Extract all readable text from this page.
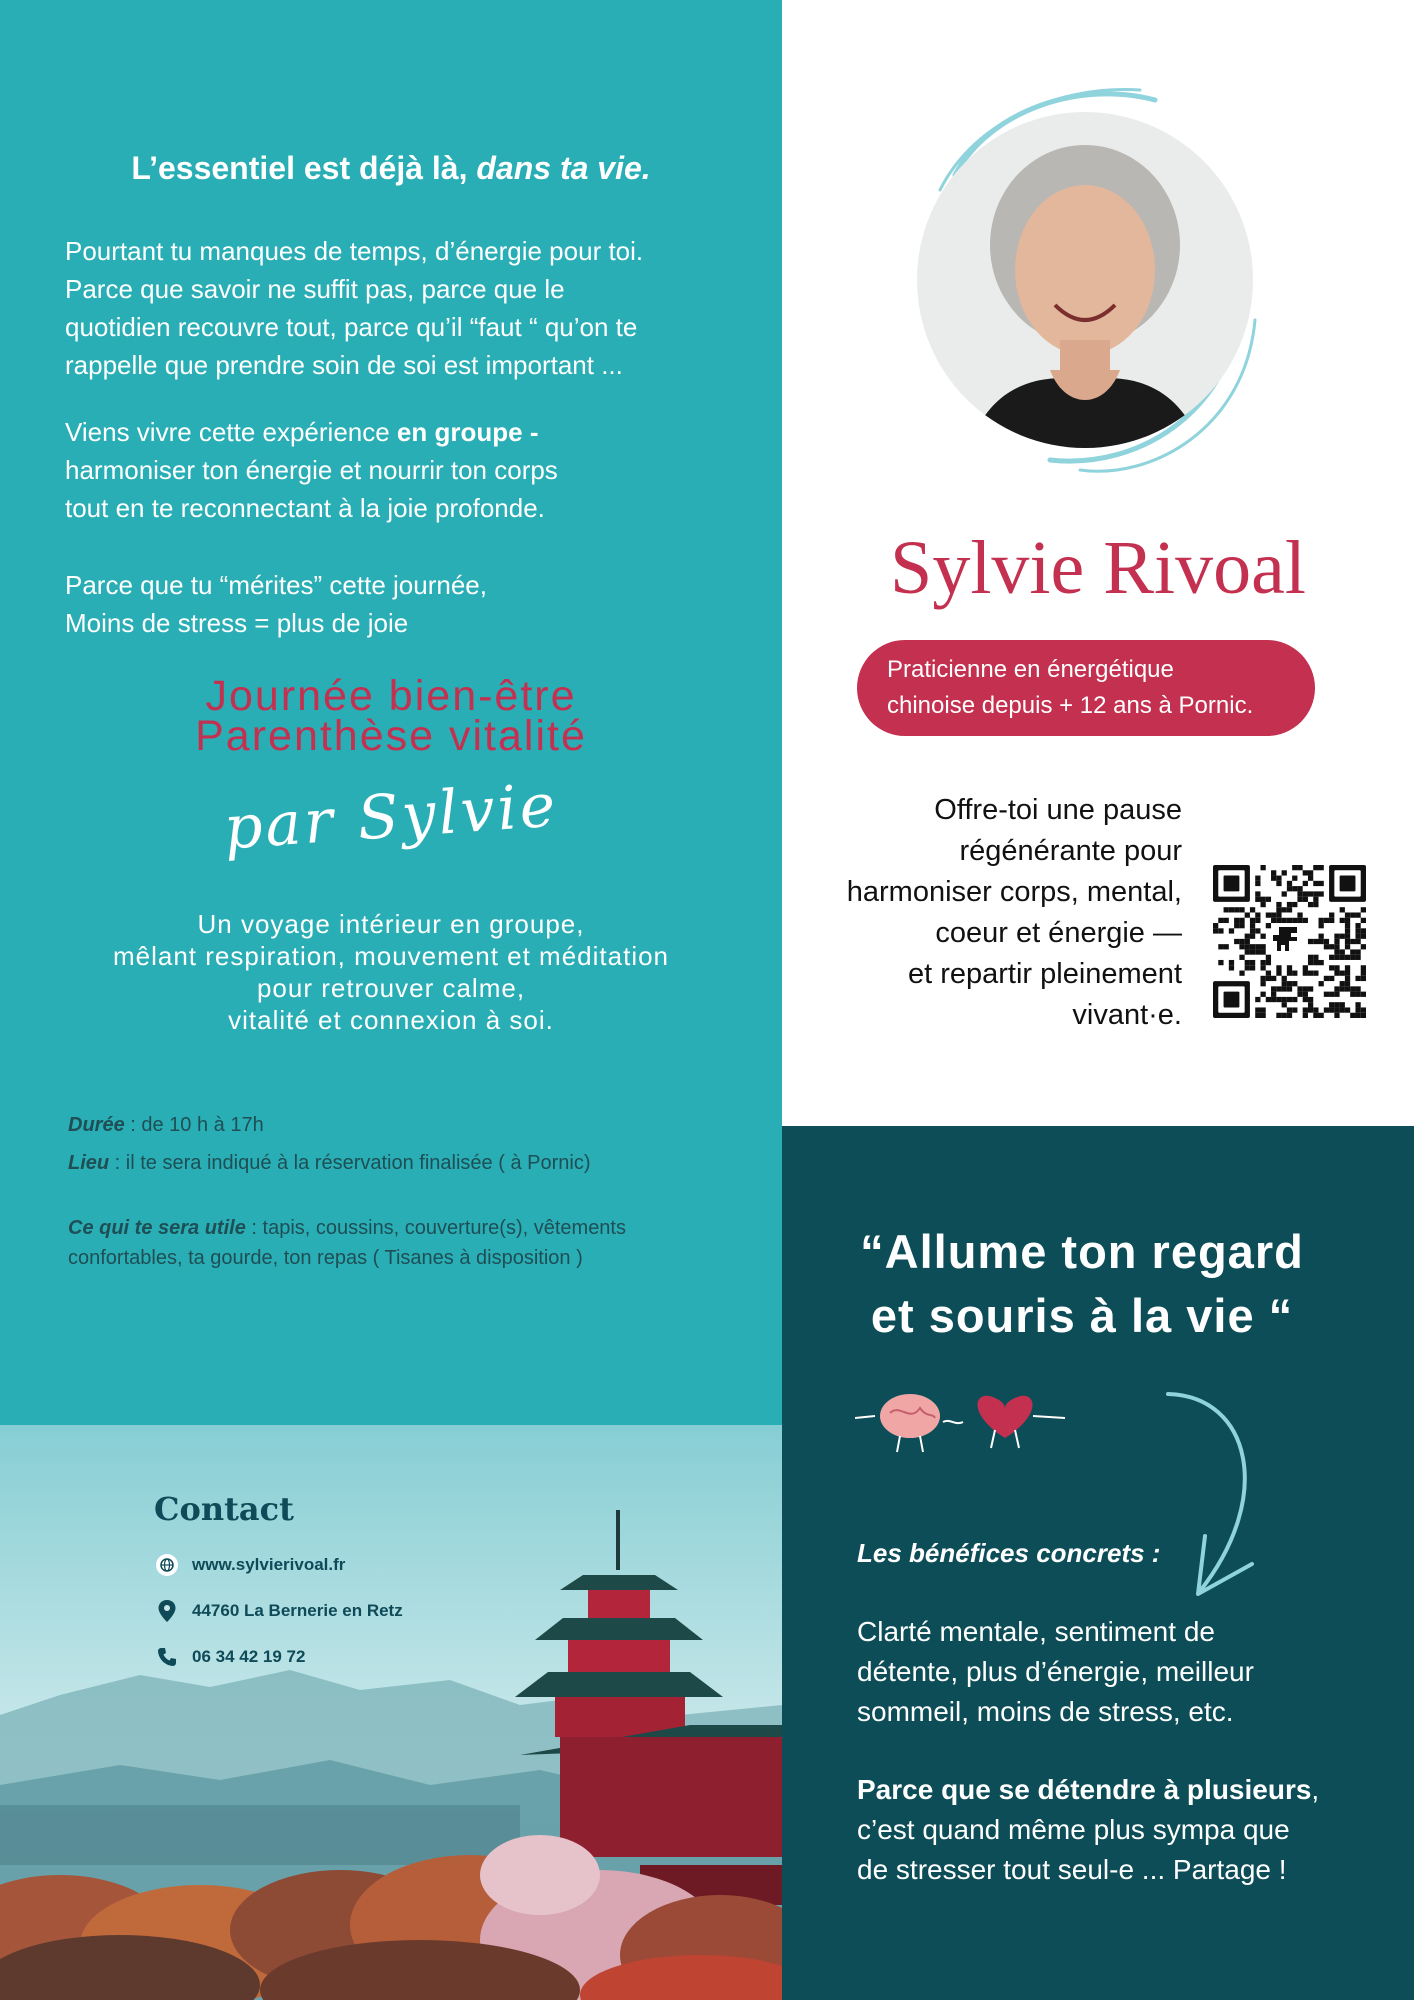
L’essentiel est déjà là, dans ta vie.
Pourtant tu manques de temps, d’énergie pour toi.
Parce que savoir ne suffit pas, parce que le
quotidien recouvre tout, parce qu’il “faut “ qu’on te
rappelle que prendre soin de soi est important ...
Viens vivre cette expérience en groupe -
harmoniser ton énergie et nourrir ton corps
tout en te reconnectant à la joie profonde.
Parce que tu “mérites” cette journée,
Moins de stress = plus de joie
Journée bien-être
Parenthèse vitalité
par Sylvie
Un voyage intérieur en groupe,
mêlant respiration, mouvement et méditation
pour retrouver calme,
vitalité et connexion à soi.
Durée : de 10 h à 17h
Lieu : il te sera indiqué à la réservation finalisée ( à Pornic)
Ce qui te sera utile : tapis, coussins, couverture(s), vêtements
confortables, ta gourde, ton repas ( Tisanes à disposition )
Contact
www.sylvierivoal.fr
44760 La Bernerie en Retz
06 34 42 19 72
Sylvie Rivoal
Praticienne en énergétique
chinoise depuis + 12 ans à Pornic.
Offre-toi une pause
régénérante pour
harmoniser corps, mental,
coeur et énergie —
et repartir pleinement
vivant·e.
“Allume ton regard
et souris à la vie “
Les bénéfices concrets :
Clarté mentale, sentiment de
détente, plus d’énergie, meilleur
sommeil, moins de stress, etc.
Parce que se détendre à plusieurs,
c’est quand même plus sympa que
de stresser tout seul-e ... Partage !
